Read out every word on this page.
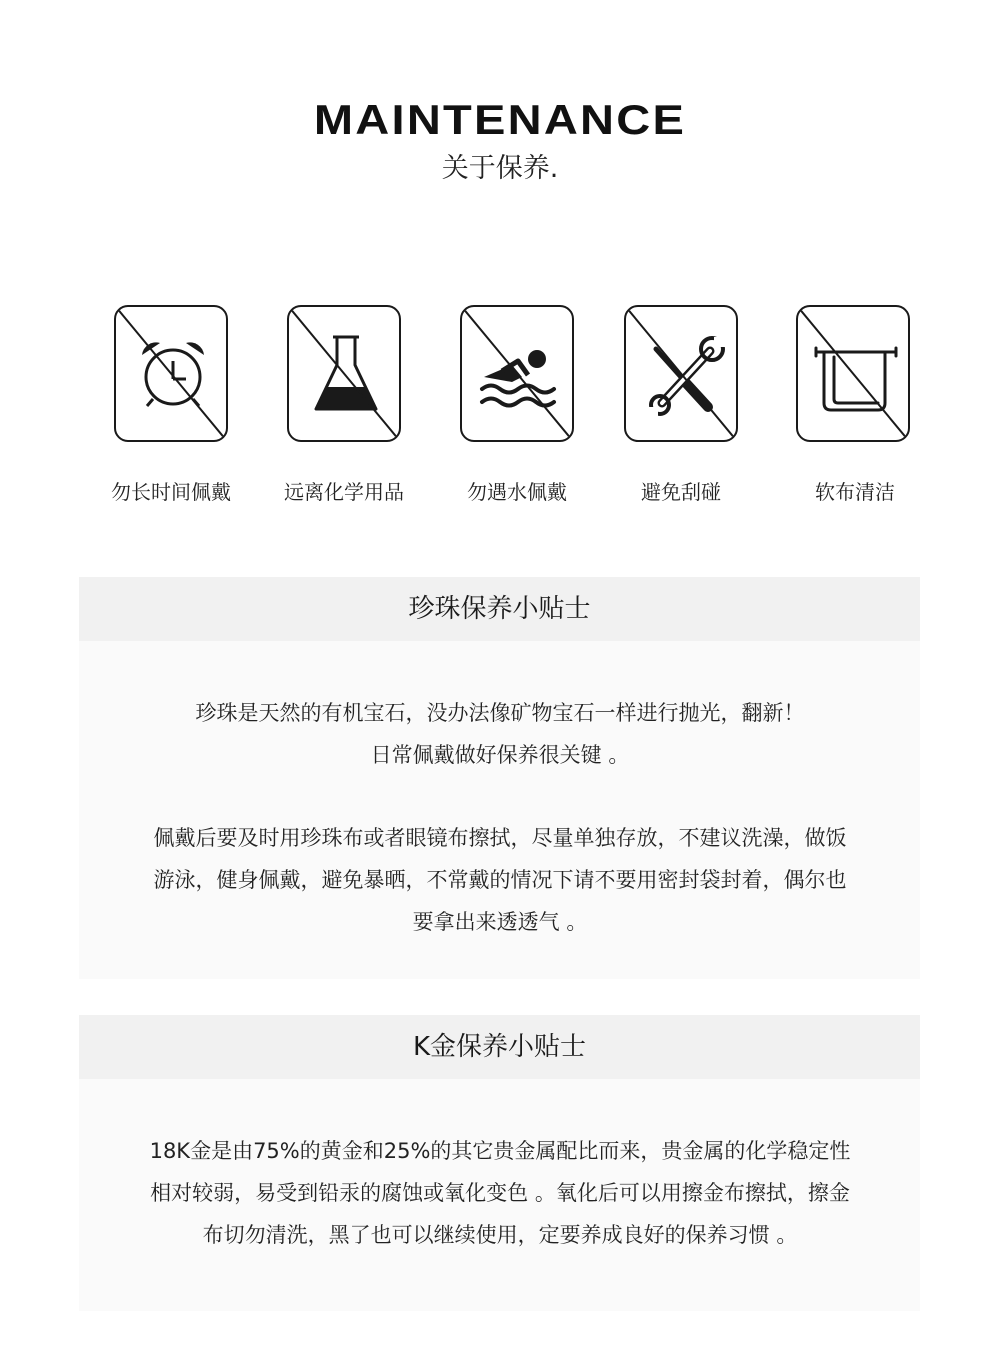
MAINTENANCE
关于保养.
勿长时间佩戴	远离化学用品	勿遇水佩戴	避免刮碰	软布清洁
珍珠保养小贴士
珍珠是天然的有机宝石，没办法像矿物宝石一样进行抛光，翻新！
日常佩戴做好保养很关键 。
佩戴后要及时用珍珠布或者眼镜布擦拭，尽量单独存放，不建议洗澡，做饭
游泳，健身佩戴，避免暴晒，不常戴的情况下请不要用密封袋封着，偶尔也
要拿出来透透气 。
K金保养小贴士
18K金是由75%的黄金和25%的其它贵金属配比而来，贵金属的化学稳定性
相对较弱，易受到铅汞的腐蚀或氧化变色 。氧化后可以用擦金布擦拭，擦金
布切勿清洗，黑了也可以继续使用，定要养成良好的保养习惯 。
